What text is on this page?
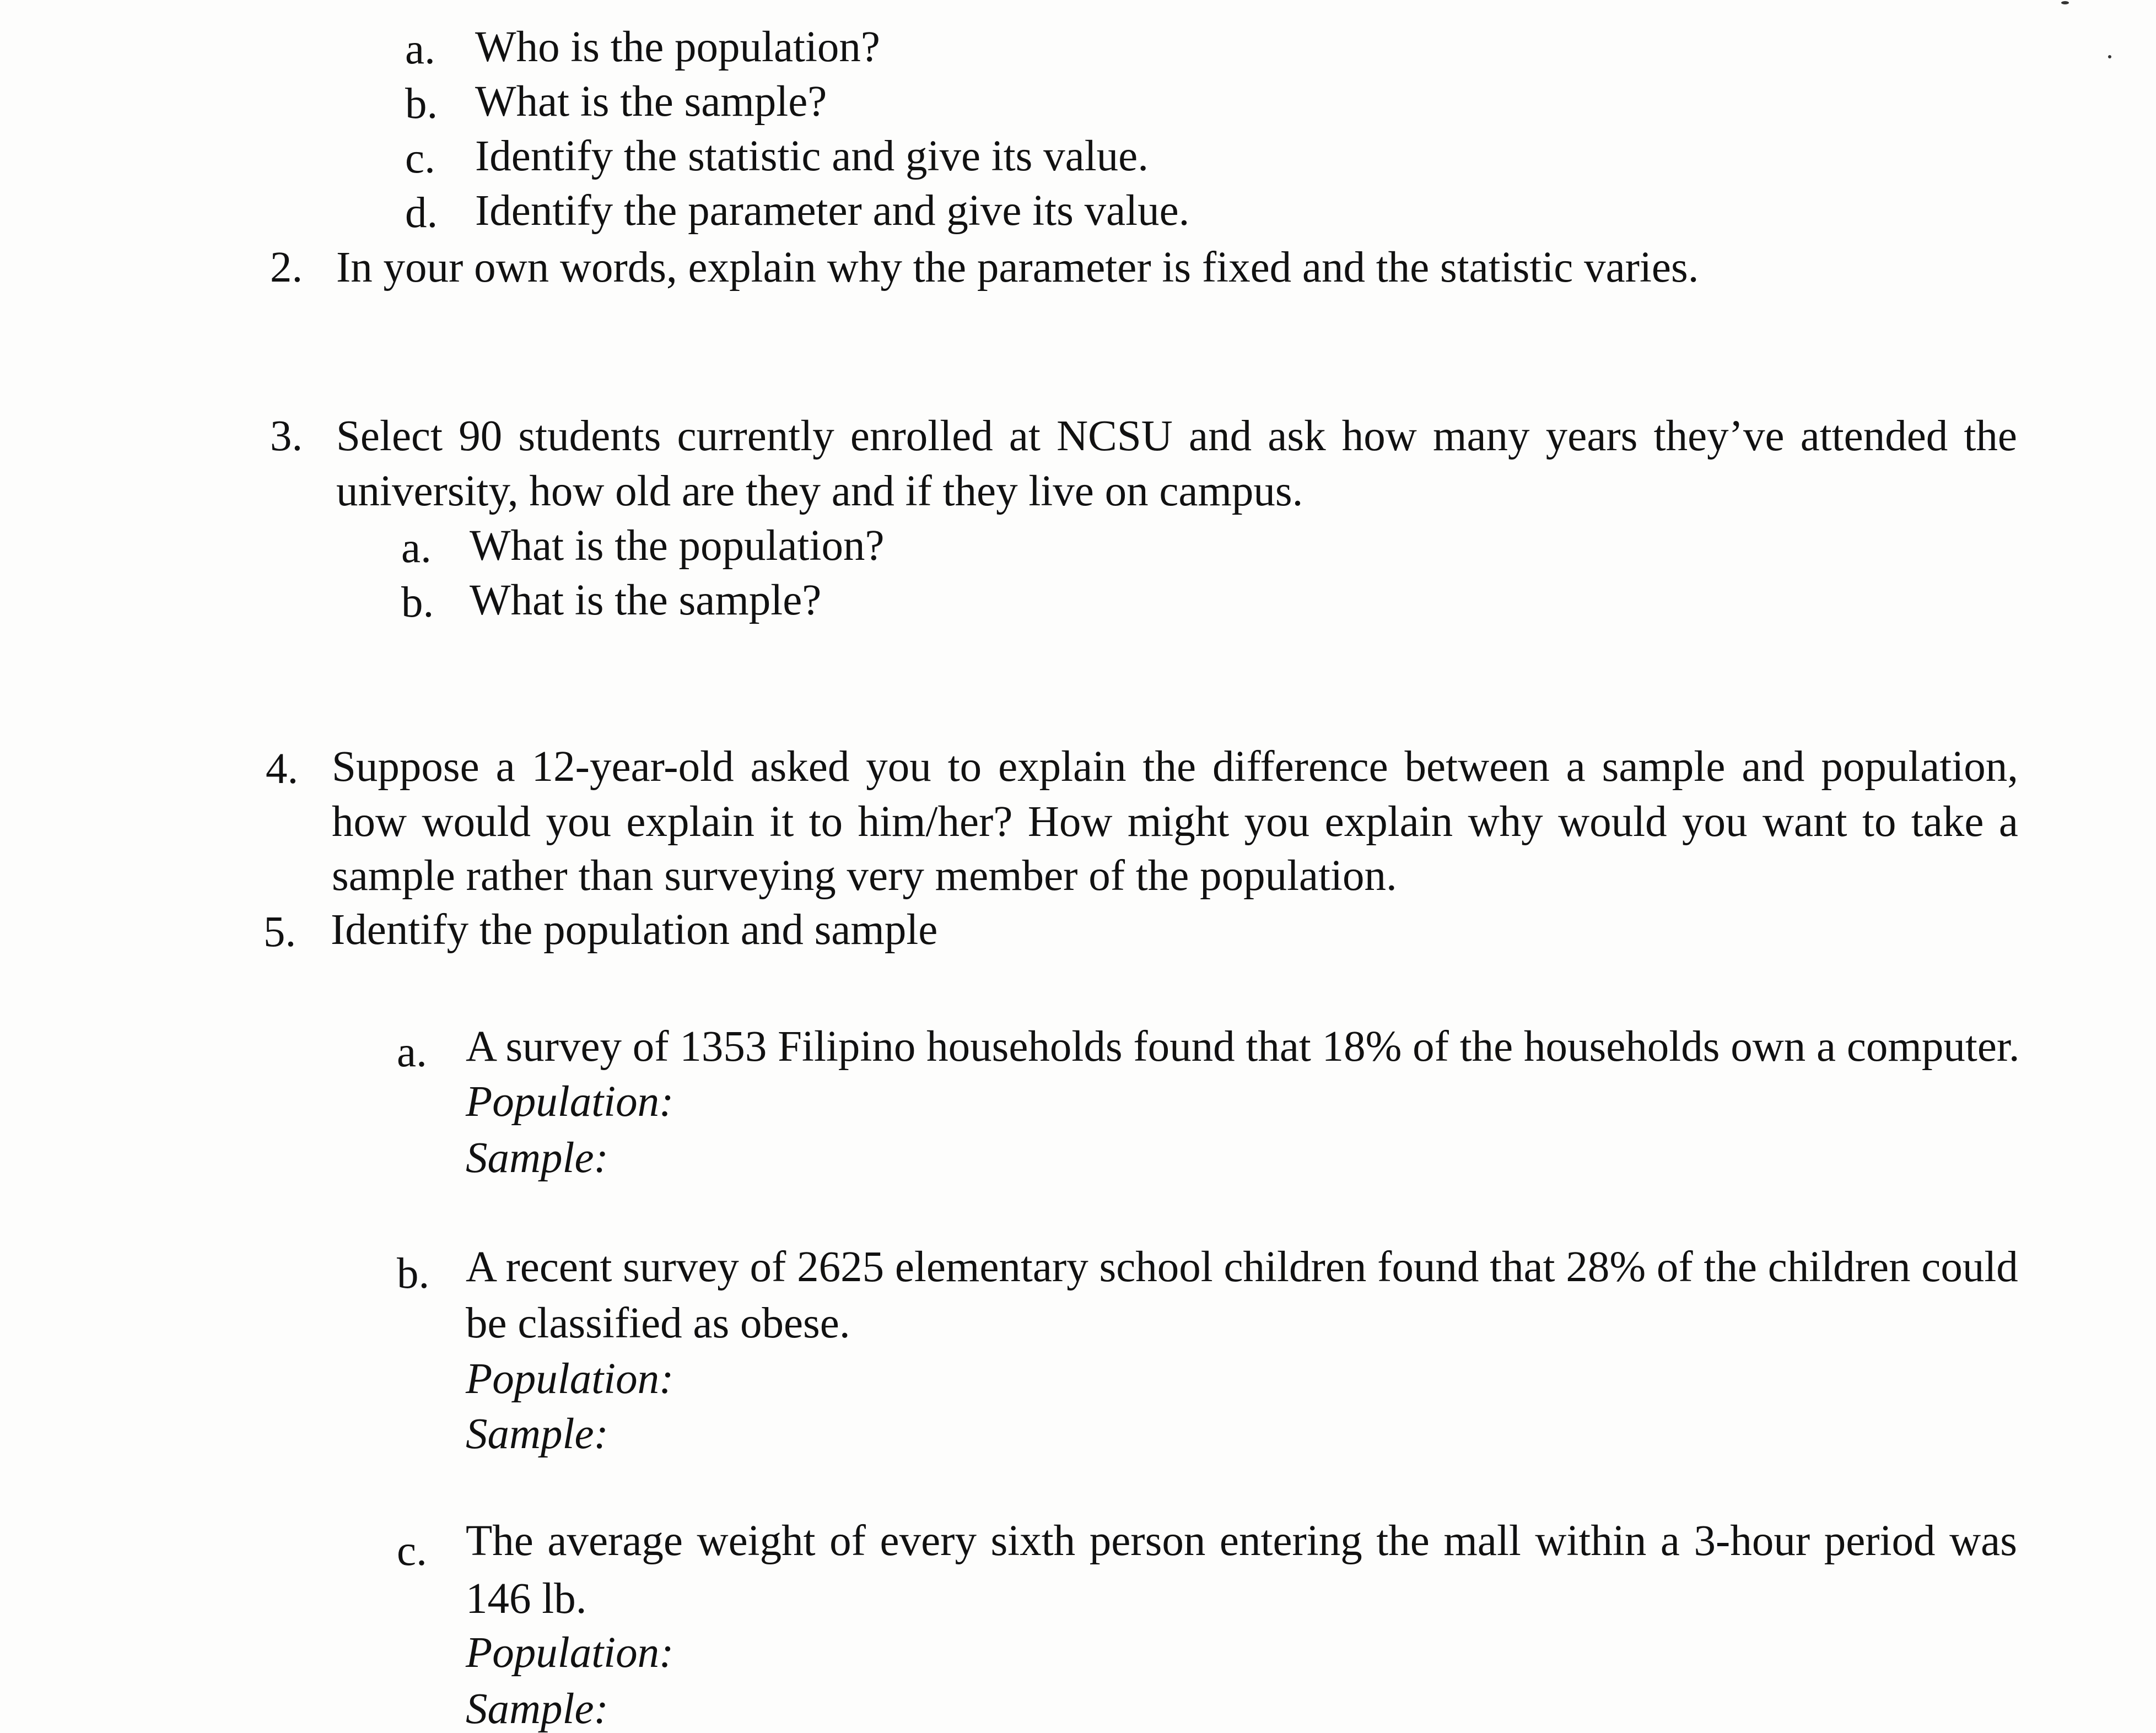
a. Who is the population?
b. What is the sample?
c. Identify the statistic and give its value.
d. Identify the parameter and give its value.
2. In your own words, explain why the parameter is fixed and the statistic varies.
3. Select 90 students currently enrolled at NCSU and ask how many years they’ve attended the
university, how old are they and if they live on campus.
a. What is the population?
b. What is the sample?
4. Suppose a 12-year-old asked you to explain the difference between a sample and population,
how would you explain it to him/her? How might you explain why would you want to take a
sample rather than surveying very member of the population.
5. Identify the population and sample
a. A survey of 1353 Filipino households found that 18% of the households own a computer.
Population:
Sample:
b. A recent survey of 2625 elementary school children found that 28% of the children could
be classified as obese.
Population:
Sample:
c. The average weight of every sixth person entering the mall within a 3-hour period was
146 lb.
Population:
Sample:
